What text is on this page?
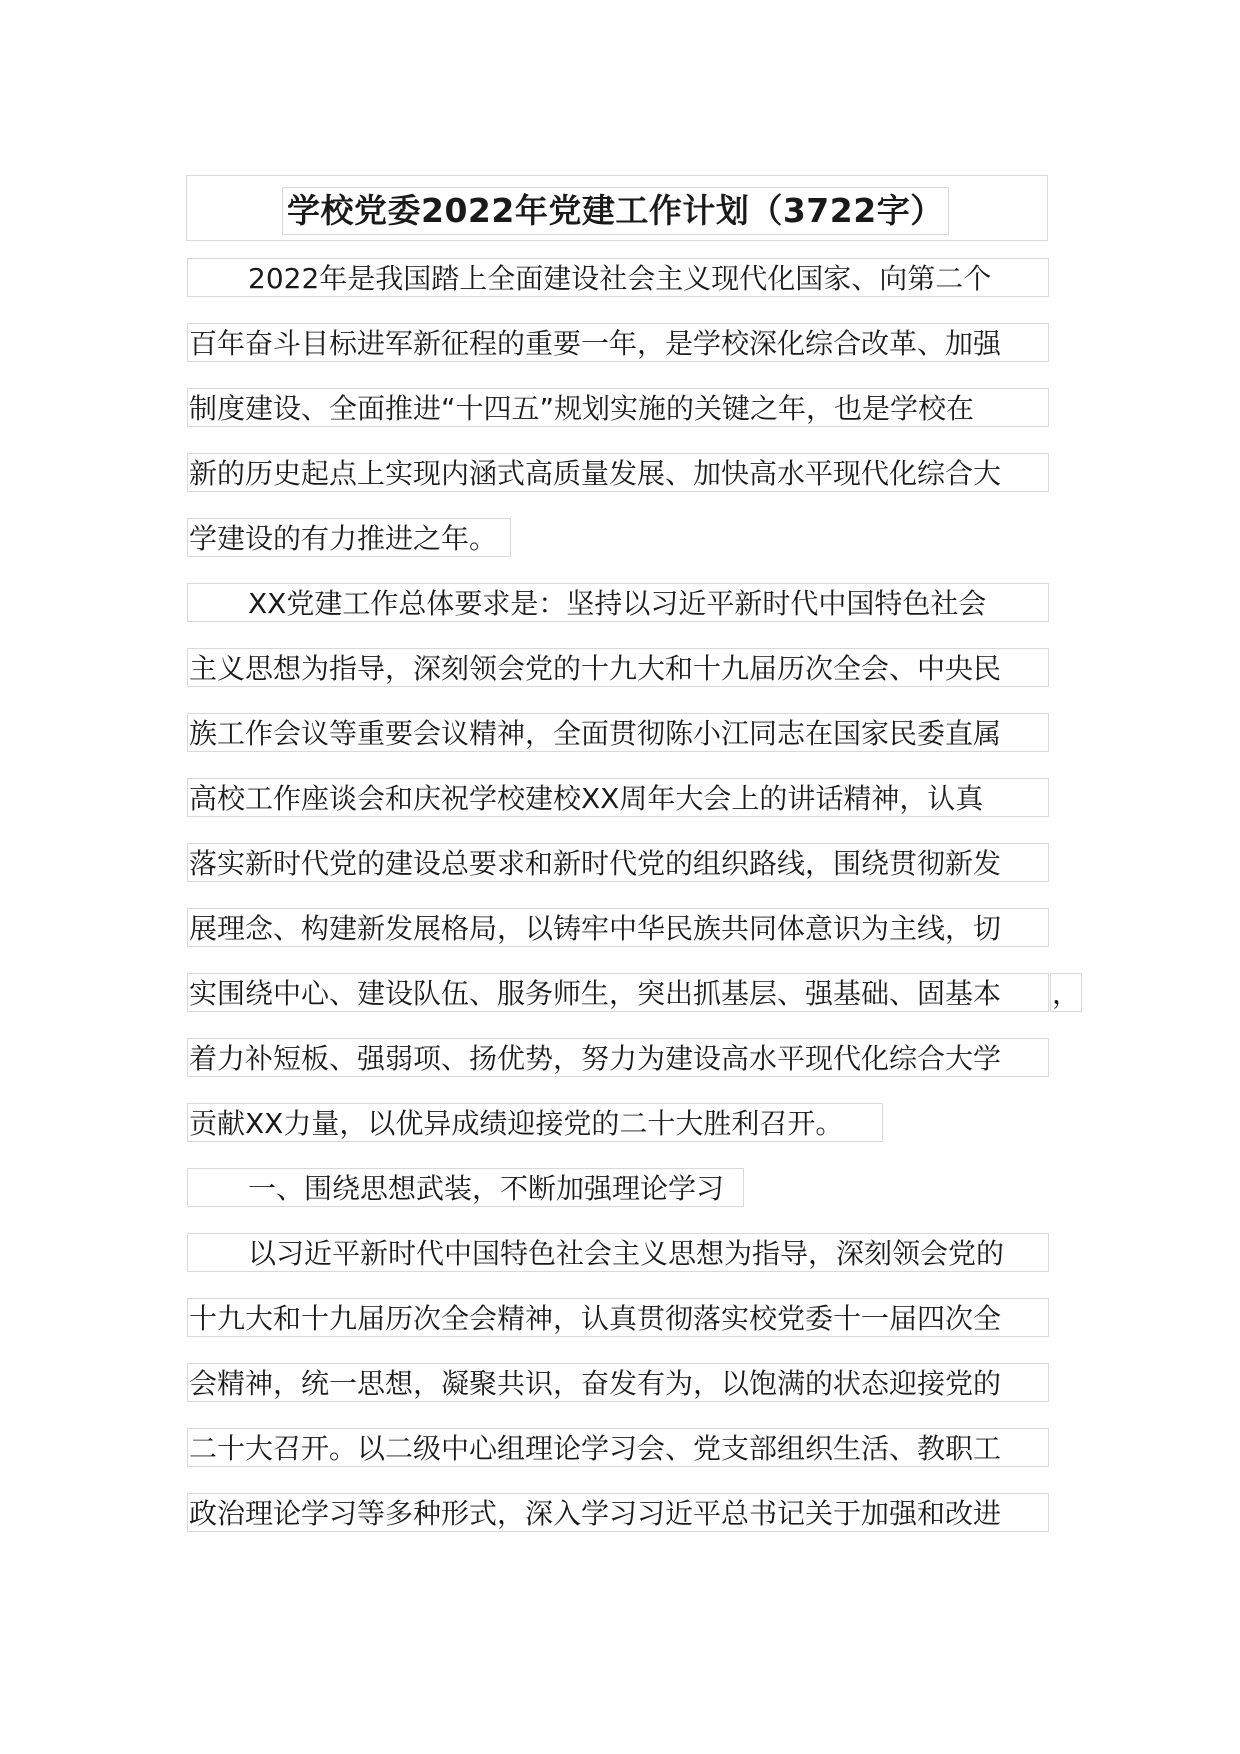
学校党委2022年党建工作计划（3722字）
2022年是我国踏上全面建设社会主义现代化国家、向第二个
百年奋斗目标进军新征程的重要一年，是学校深化综合改革、加强
制度建设、全面推进“十四五”规划实施的关键之年，也是学校在
新的历史起点上实现内涵式高质量发展、加快高水平现代化综合大
学建设的有力推进之年。
XX党建工作总体要求是：坚持以习近平新时代中国特色社会
主义思想为指导，深刻领会党的十九大和十九届历次全会、中央民
族工作会议等重要会议精神，全面贯彻陈小江同志在国家民委直属
高校工作座谈会和庆祝学校建校XX周年大会上的讲话精神，认真
落实新时代党的建设总要求和新时代党的组织路线，围绕贯彻新发
展理念、构建新发展格局，以铸牢中华民族共同体意识为主线，切
实围绕中心、建设队伍、服务师生，突出抓基层、强基础、固基本	，
着力补短板、强弱项、扬优势，努力为建设高水平现代化综合大学
贡献XX力量，以优异成绩迎接党的二十大胜利召开。
一、围绕思想武装，不断加强理论学习
以习近平新时代中国特色社会主义思想为指导，深刻领会党的
十九大和十九届历次全会精神，认真贯彻落实校党委十一届四次全
会精神，统一思想，凝聚共识，奋发有为，以饱满的状态迎接党的
二十大召开。以二级中心组理论学习会、党支部组织生活、教职工
政治理论学习等多种形式，深入学习习近平总书记关于加强和改进
